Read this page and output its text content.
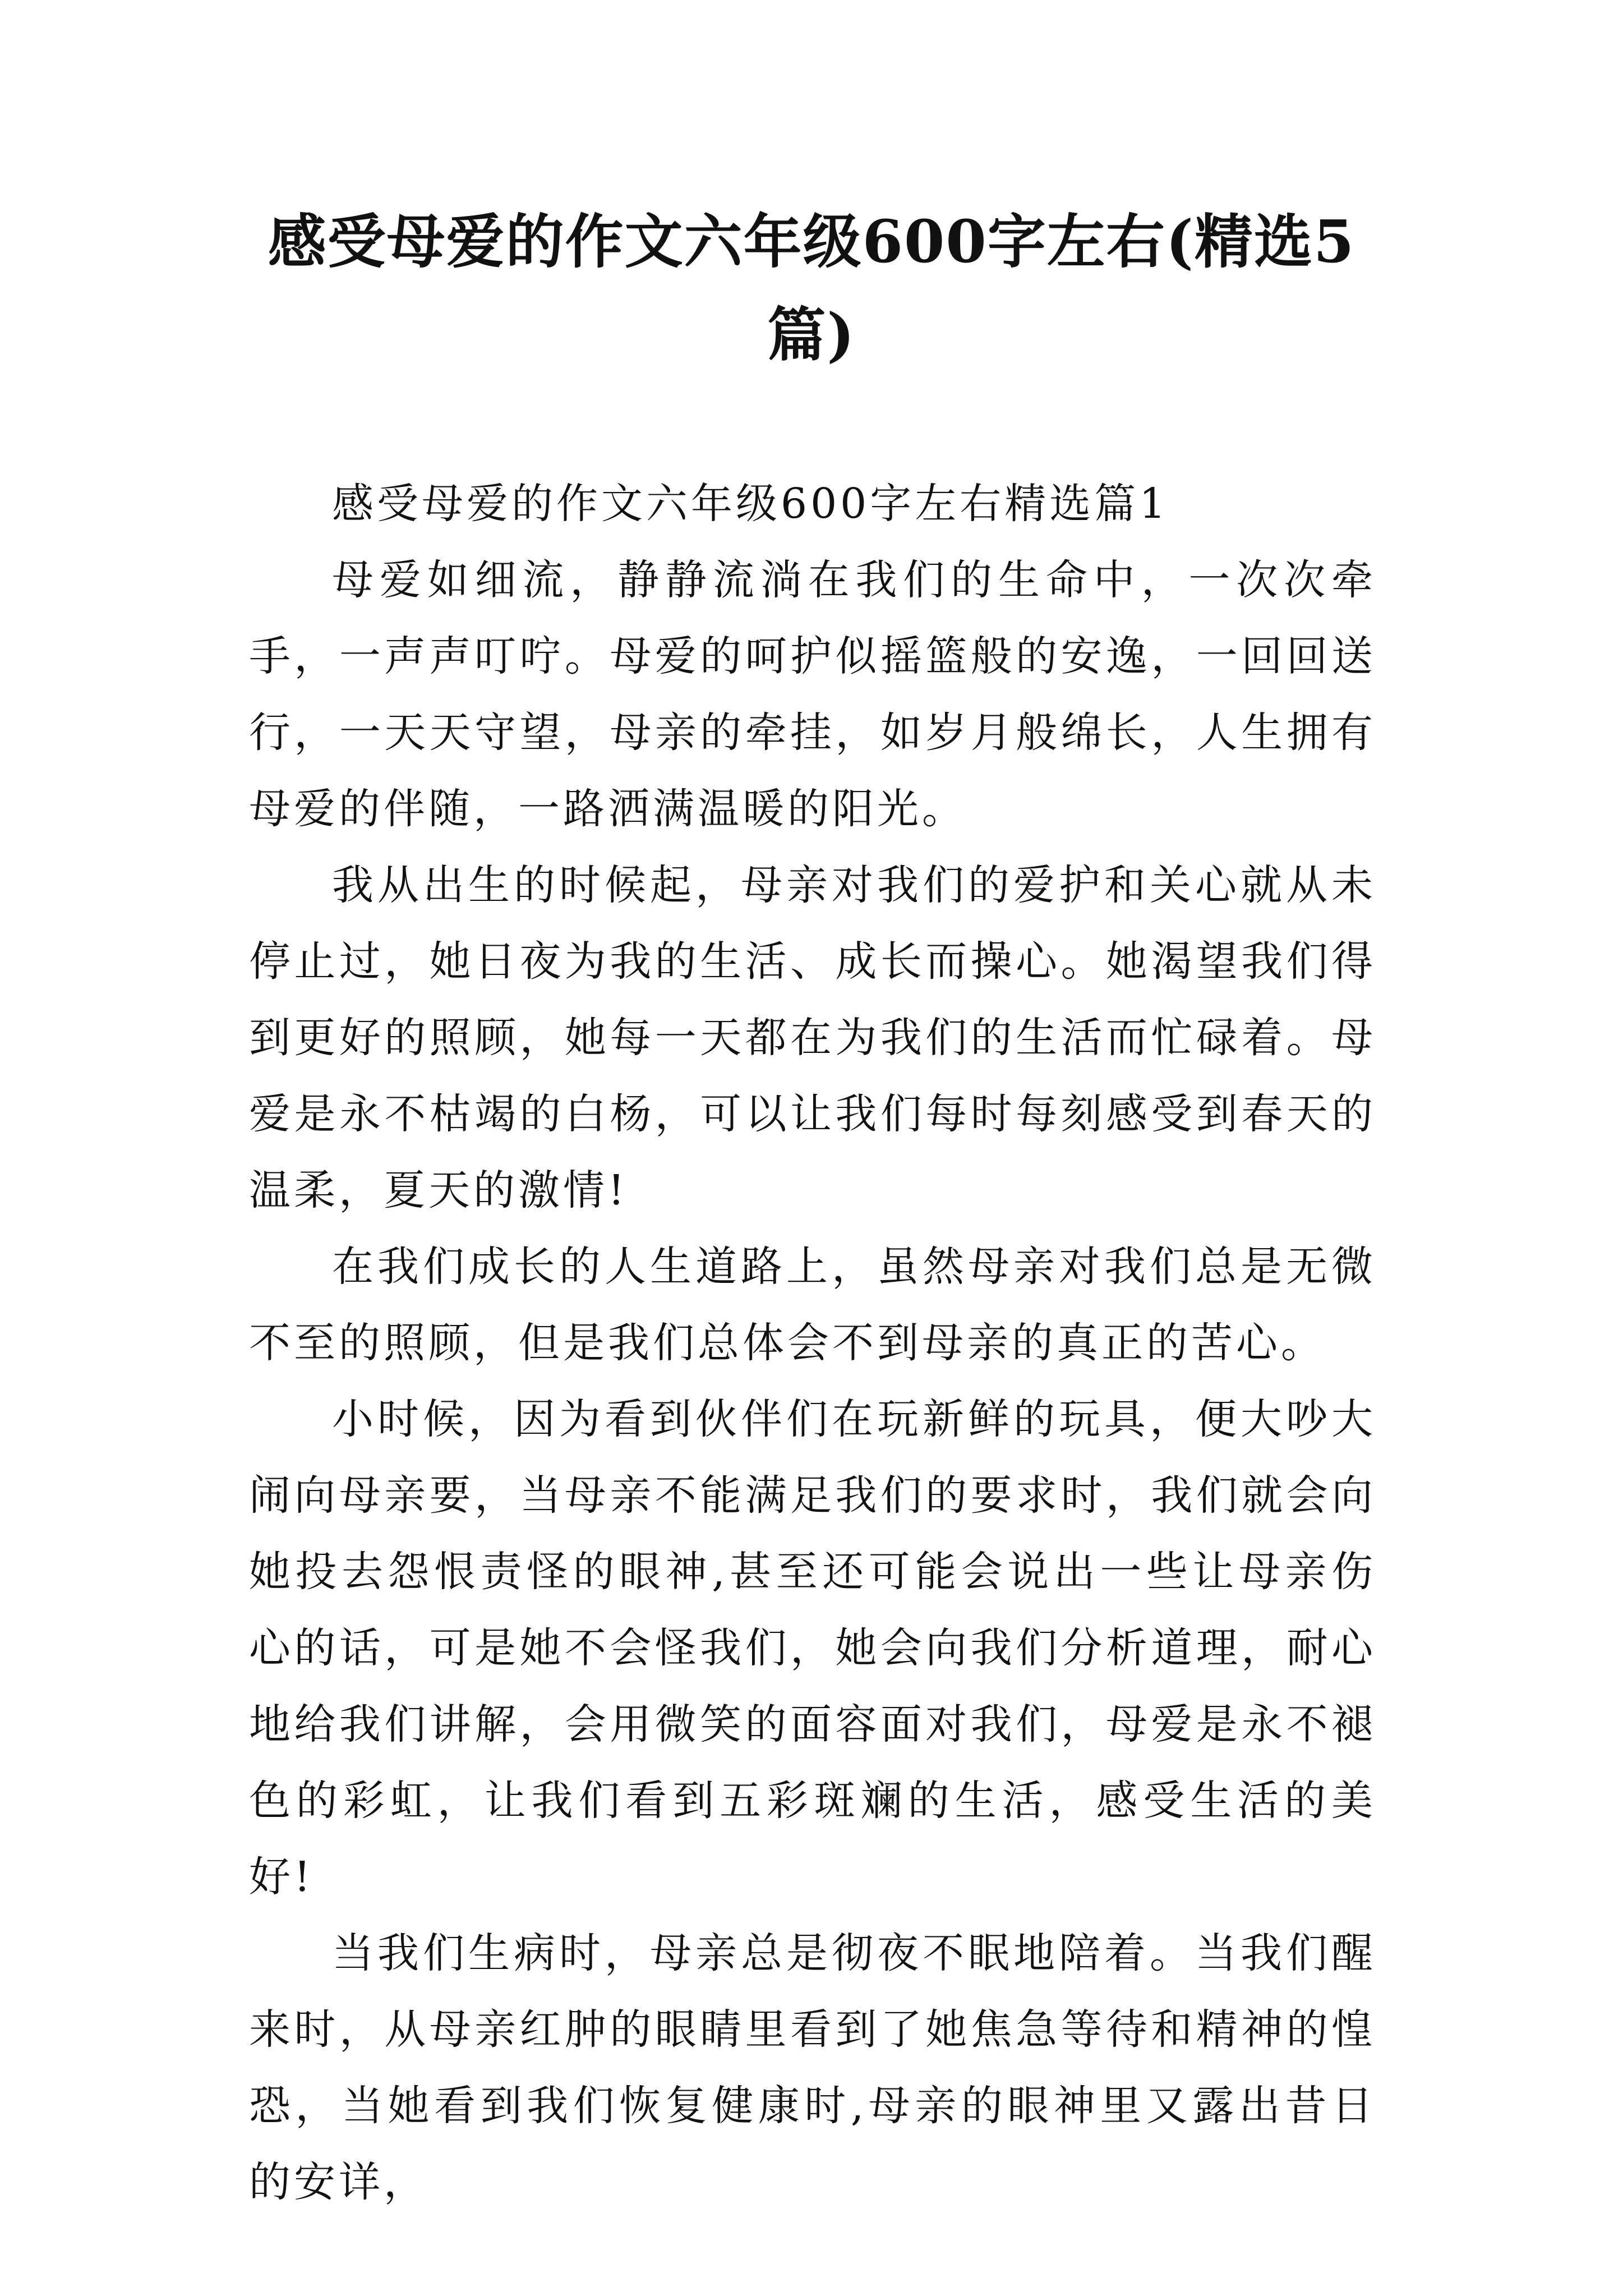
感受母爱的作文六年级600字左右(精选5篇)

感受母爱的作文六年级600字左右精选篇1

母爱如细流，静静流淌在我们的生命中，一次次牵手，一声声叮咛。母爱的呵护似摇篮般的安逸，一回回送行，一天天守望，母亲的牵挂，如岁月般绵长，人生拥有母爱的伴随，一路洒满温暖的阳光。

我从出生的时候起，母亲对我们的爱护和关心就从未停止过，她日夜为我的生活、成长而操心。她渴望我们得到更好的照顾，她每一天都在为我们的生活而忙碌着。母爱是永不枯竭的白杨，可以让我们每时每刻感受到春天的温柔，夏天的激情!

在我们成长的人生道路上，虽然母亲对我们总是无微不至的照顾，但是我们总体会不到母亲的真正的苦心。

小时候，因为看到伙伴们在玩新鲜的玩具，便大吵大闹向母亲要，当母亲不能满足我们的要求时，我们就会向她投去怨恨责怪的眼神,甚至还可能会说出一些让母亲伤心的话，可是她不会怪我们，她会向我们分析道理，耐心地给我们讲解，会用微笑的面容面对我们，母爱是永不褪色的彩虹，让我们看到五彩斑斓的生活，感受生活的美好!

当我们生病时，母亲总是彻夜不眠地陪着。当我们醒来时，从母亲红肿的眼睛里看到了她焦急等待和精神的惶恐，当她看到我们恢复健康时,母亲的眼神里又露出昔日的安详，
